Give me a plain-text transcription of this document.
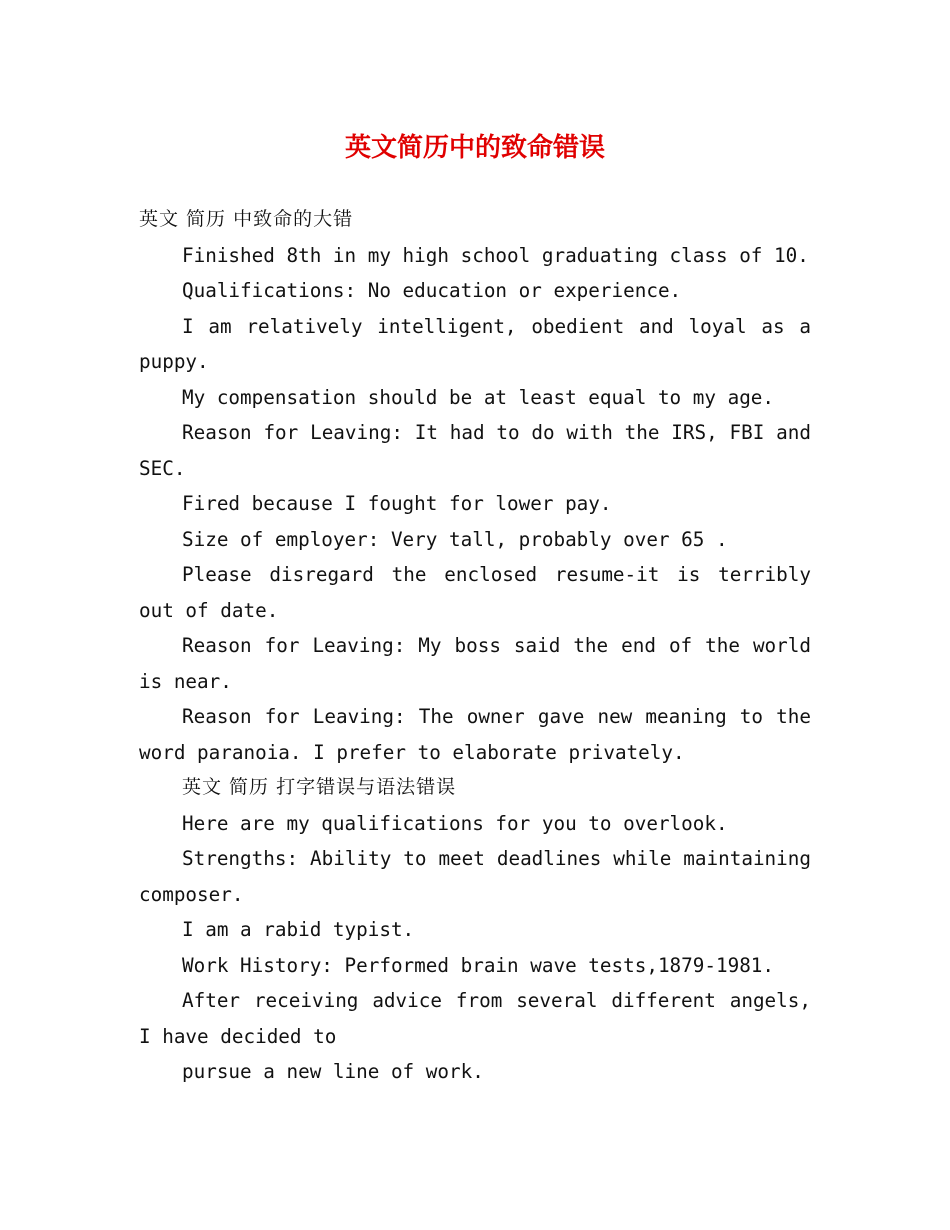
英文简历中的致命错误

英文 简历 中致命的大错

Finished 8th in my high school graduating class of 10.

Qualifications: No education or experience.

I am relatively intelligent, obedient and loyal as a puppy.

My compensation should be at least equal to my age.

Reason for Leaving: It had to do with the IRS, FBI and SEC.

Fired because I fought for lower pay.

Size of employer: Very tall, probably over 65 .

Please disregard the enclosed resume-it is terribly out of date.

Reason for Leaving: My boss said the end of the world is near.

Reason for Leaving: The owner gave new meaning to the word paranoia. I prefer to elaborate privately.

英文 简历 打字错误与语法错误

Here are my qualifications for you to overlook.

Strengths: Ability to meet deadlines while maintaining composer.

I am a rabid typist.

Work History: Performed brain wave tests,1879-1981.

After receiving advice from several different angels, I have decided to

pursue a new line of work.
